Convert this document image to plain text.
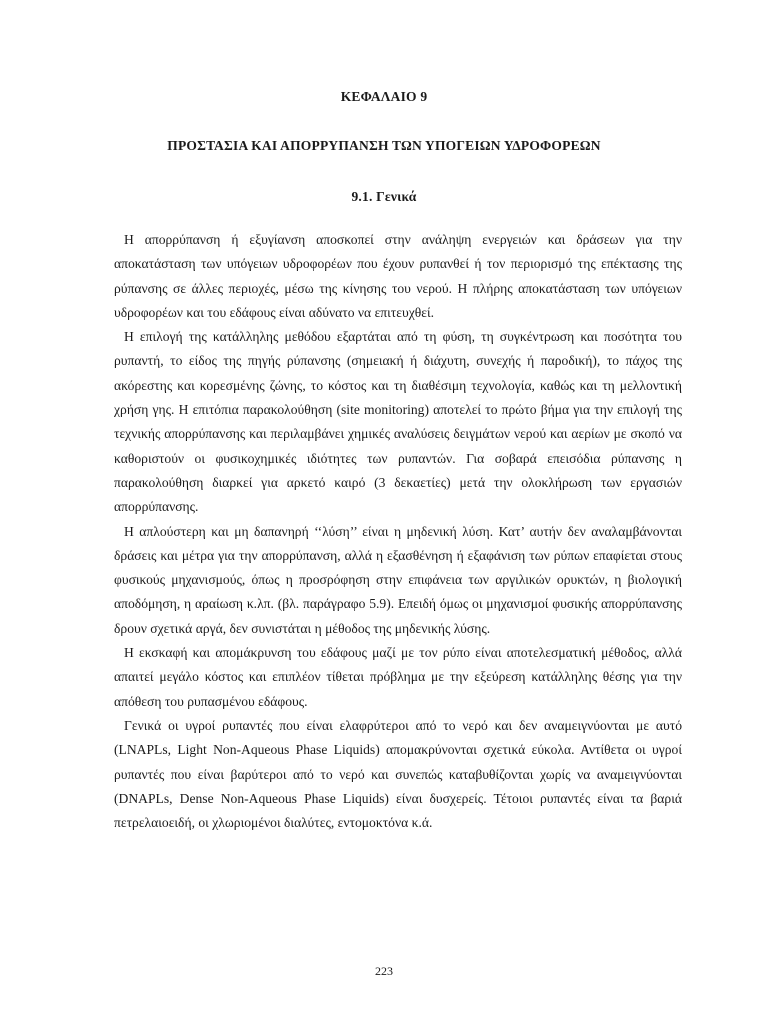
ΚΕΦΑΛΑΙΟ 9
ΠΡΟΣΤΑΣΙΑ ΚΑΙ ΑΠΟΡΡΥΠΑΝΣΗ ΤΩΝ ΥΠΟΓΕΙΩΝ ΥΔΡΟΦΟΡΕΩΝ
9.1. Γενικά

Η απορρύπανση ή εξυγίανση αποσκοπεί στην ανάληψη ενεργειών και δράσεων για την αποκατάσταση των υπόγειων υδροφορέων που έχουν ρυπανθεί ή τον περιορισμό της επέκτασης της ρύπανσης σε άλλες περιοχές, μέσω της κίνησης του νερού. Η πλήρης αποκατάσταση των υπόγειων υδροφορέων και του εδάφους είναι αδύνατο να επιτευχθεί.

Η επιλογή της κατάλληλης μεθόδου εξαρτάται από τη φύση, τη συγκέντρωση και ποσότητα του ρυπαντή, το είδος της πηγής ρύπανσης (σημειακή ή διάχυτη, συνεχής ή παροδική), το πάχος της ακόρεστης και κορεσμένης ζώνης, το κόστος και τη διαθέσιμη τεχνολογία, καθώς και τη μελλοντική χρήση γης. Η επιτόπια παρακολούθηση (site monitoring) αποτελεί το πρώτο βήμα για την επιλογή της τεχνικής απορρύπανσης και περιλαμβάνει χημικές αναλύσεις δειγμάτων νερού και αερίων με σκοπό να καθοριστούν οι φυσικοχημικές ιδιότητες των ρυπαντών. Για σοβαρά επεισόδια ρύπανσης η παρακολούθηση διαρκεί για αρκετό καιρό (3 δεκαετίες) μετά την ολοκλήρωση των εργασιών απορρύπανσης.

Η απλούστερη και μη δαπανηρή ‘‘λύση’’ είναι η μηδενική λύση. Κατ’ αυτήν δεν αναλαμβάνονται δράσεις και μέτρα για την απορρύπανση, αλλά η εξασθένηση ή εξαφάνιση των ρύπων επαφίεται στους φυσικούς μηχανισμούς, όπως η προσρόφηση στην επιφάνεια των αργιλικών ορυκτών, η βιολογική αποδόμηση, η αραίωση κ.λπ. (βλ. παράγραφο 5.9). Επειδή όμως οι μηχανισμοί φυσικής απορρύπανσης δρουν σχετικά αργά, δεν συνιστάται η μέθοδος της μηδενικής λύσης.

Η εκσκαφή και απομάκρυνση του εδάφους μαζί με τον ρύπο είναι αποτελεσματική μέθοδος, αλλά απαιτεί μεγάλο κόστος και επιπλέον τίθεται πρόβλημα με την εξεύρεση κατάλληλης θέσης για την απόθεση του ρυπασμένου εδάφους.

Γενικά οι υγροί ρυπαντές που είναι ελαφρύτεροι από το νερό και δεν αναμειγνύονται με αυτό (LNAPLs, Light Non-Aqueous Phase Liquids) απομακρύνονται σχετικά εύκολα. Αντίθετα οι υγροί ρυπαντές που είναι βαρύτεροι από το νερό και συνεπώς καταβυθίζονται χωρίς να αναμειγνύονται (DNAPLs, Dense Non-Aqueous Phase Liquids) είναι δυσχερείς. Τέτοιοι ρυπαντές είναι τα βαριά πετρελαιοειδή, οι χλωριομένοι διαλύτες, εντομοκτόνα κ.ά.

223
